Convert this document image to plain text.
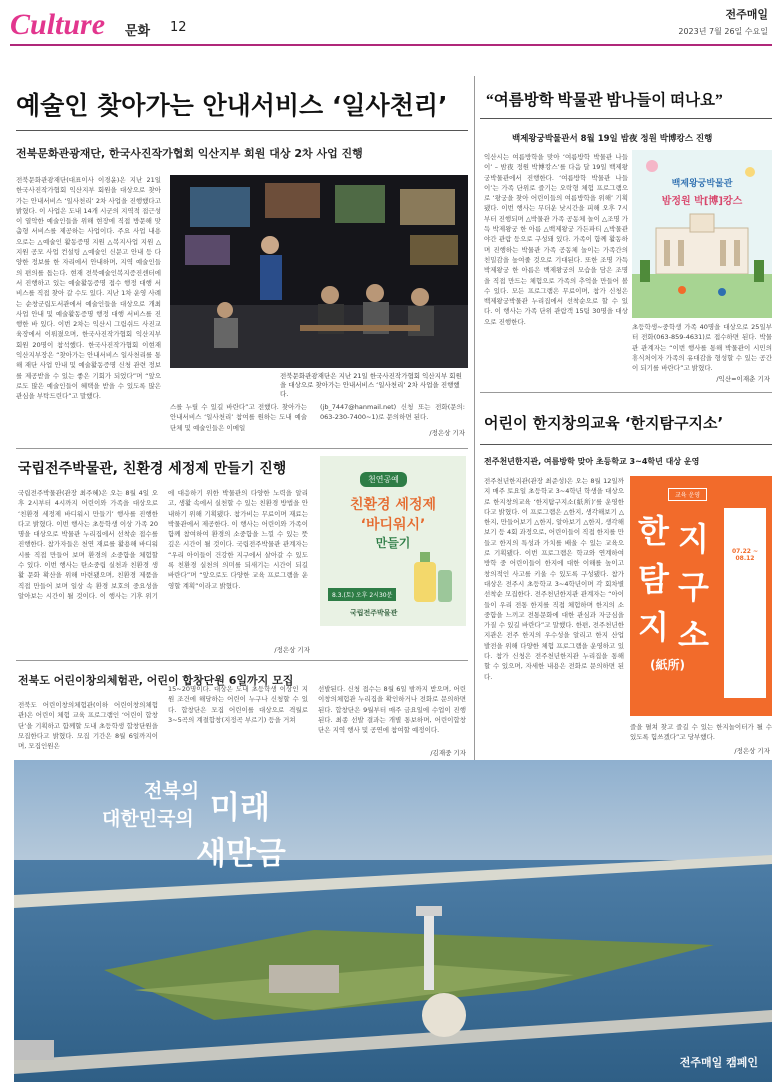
Culture 문화 12
전주매일
2023년 7월 26일 수요일
예술인 찾아가는 안내서비스 ‘일사천리’
전북문화관광재단, 한국사진작가협회 익산지부 회원 대상 2차 사업 진행
전북문화관광재단(대표이사 이경윤)은 지난 21일 한국사진작가협회 익산지부 회원을 대상으로 찾아가는 안내서비스 ‘일사천리’ 2차 사업을 진행했다고 밝혔다. 이 사업은 도내 14개 시군의 지역적 접근성이 열악한 예술인들을 위해 현장에 직접 방문해 맞춤형 서비스를 제공하는 사업이다. 주요 사업 내용으로는 △예술인 활동증명 지원 △복지사업 지원 △지원 공모 사업 컨설팅 △예술인 신문고 안내 등 다양한 정보를 한 자리에서 안내하며, 지역 예술인들의 편의를 돕는다. 현재 전북예술인복지증진센터에서 진행하고 있는 예술활동증명 접수 행정 대행 서비스를 직접 찾아 갈 수도 있다. 지난 1차 운영 사례는 순창군립도서관에서 예술인들을 대상으로 개최 사업 안내 및 예술활동증명 행정 대행 서비스를 진행한 바 있다. 이번 2차는 익산시 그림쉬드 사진교육장에서 이뤄졌으며, 한국사진작가협회 익산지부 회원 20명이 참석했다. 한국사진작가협회 이현재 익산지부장은 “찾아가는 안내서비스 일사천리를 통해 재단 사업 안내 및 예술활동증명 신청 관련 정보를 제공받을 수 있는 좋은 기회가 되었다”며 “앞으로도 많은 예술인들이 혜택을 받을 수 있도록 많은 관심을 부탁드린다”고 말했다.
전북문화관광재단은 지난 21일 한국사진작가협회 익산지부 회원을 대상으로 찾아가는 안내서비스 ‘일사천리’ 2차 사업을 진행했다.
스를 누릴 수 있길 바란다”고 전했다. 찾아가는 안내서비스 ‘일사천리’ 참여를 원하는 도내 예술단체 및 예술인들은 이메일
(jb_7447@hanmail.net) 신청 또는 전화(문의: 063-230-7400~1)로 문의하면 된다.
/정은상 기자
국립전주박물관, 친환경 세정제 만들기 진행
국립전주박물관(관장 최주혜)은 오는 8월 4일 오후 2시부터 4시까지 어린이와 가족을 대상으로 ‘친환경 세정제 바디워시 만들기’ 행사를 진행한다고 밝혔다. 이번 행사는 초등학생 이상 가족 20명을 대상으로 박물관 누리집에서 선착순 접수를 진행한다. 참가자들은 천연 재료를 활용해 바디워시를 직접 만들어 보며 환경의 소중함을 체험할 수 있다. 이번 행사는 탄소중립 실천과 친환경 생활 문화 확산을 위해 마련됐으며, 친환경 제품을 직접 만들어 보며 일상 속 환경 보호의 중요성을 알아보는 시간이 될 것이다. 이 행사는 기후 위기에 대응하기 위한 박물관의 다양한 노력을 알리고, 생활 속에서 실천할 수 있는 친환경 방법을 안내하기 위해 기획됐다. 참가비는 무료이며 재료는 박물관에서 제공한다. 이 행사는 어린이와 가족이 함께 참여하여 환경의 소중함을 느낄 수 있는 뜻깊은 시간이 될 것이다. 국립전주박물관 관계자는 “우리 아이들이 건강한 지구에서 살아갈 수 있도록 친환경 실천의 의미를 되새기는 시간이 되길 바란다”며 “앞으로도 다양한 교육 프로그램을 운영할 계획”이라고 밝혔다.
천연공예
친환경 세정제
‘바디워시’
만들기
8.3.(토) 오후 2시30분
국립전주박물관
/정은상 기자
전북도 어린이창의체험관, 어린이 합창단원 6일까지 모집
전북도 어린이창의체험관(이하 어린이창의체험관)은 어린이 체험 교육 프로그램인 ‘어린이 합창단’을 기획하고 함께할 도내 초등학생 합창단원을 모집한다고 밝혔다. 모집 기간은 8월 6일까지이며, 모집인원은
15~20명이다. 대상은 도내 초등학생 이상인 지원 조건에 해당하는 어린이 누구나 신청할 수 있다. 합창단은 모집 어린이를 대상으로 격월로 3~5곡의 계절합창(지정곡 부르기) 등을 거쳐
선발된다. 신청 접수는 8월 6일 밤까지 받으며, 어린이창의체험관 누리집을 확인하거나 전화로 문의하면 된다. 합창단은 9월부터 매주 금요일에 수업이 진행된다. 최종 선발 결과는 개별 통보하며, 어린이합창단은 지역 행사 및 공연에 참여할 예정이다.
/김재중 기자
“여름방학 박물관 밤나들이 떠나요”
백제왕궁박물관서 8월 19일 밤夜 정원 박博캉스 진행
익산시는 여름방학을 맞아 ‘여름방학 박물관 나들이’ – 밤夜 정원 박博캉스’를 다음 달 19일 백제왕궁박물관에서 진행한다. ‘여름방학 박물관 나들이’는 가족 단위로 즐기는 오락형 체험 프로그램으로 ‘왕궁을 찾아 어린이들의 여름방학을 위해’ 기획됐다. 이번 행사는 무더운 낮시간을 피해 오후 7시부터 진행되며 △박물관 가족 공동체 놀이 △조명 가득 박제왕궁 한 아름 △백제왕궁 가든파티 △박물관 야간 관람 등으로 구성돼 있다. 가족이 함께 활동하며 진행하는 박물관 가족 공동체 놀이는 가족간의 친밀감을 높여줄 것으로 기대된다. 또한 조명 가득 박제왕궁 한 아름은 백제왕궁의 모습을 담은 조명을 직접 만드는 체험으로 가족의 추억을 만들어 볼 수 있다. 모든 프로그램은 무료이며, 참가 신청은 백제왕궁박물관 누리집에서 선착순으로 할 수 있다. 이 행사는 가족 단위 관람객 15팀 30명을 대상으로 진행한다.
백제왕궁박물관
밤정원 박[博]캉스
초등학생~중학생 가족 40명을 대상으로 25일부터 전화(063-859-4631)로 접수하면 된다. 박물관 관계자는 “이번 행사를 통해 박물관이 시민의 휴식처이자 가족의 유대감을 형성할 수 있는 공간이 되기를 바란다”고 밝혔다.
/익산=이재춘 기자
어린이 한지창의교육 ‘한지탐구지소’
전주천년한지관, 여름방학 맞아 초등학교 3~4학년 대상 운영
전주천년한지관(관장 최준성)은 오는 8월 12일까지 매주 토요일 초등학교 3~4학년 학생을 대상으로 한지창의교육 ‘한지탐구지소(紙所)’를 운영한다고 밝혔다. 이 프로그램은 △한지, 생각해보기 △한지, 만들어보기 △한지, 알아보기 △한지, 생각해보기 등 4회 과정으로, 어린이들이 직접 한지를 만들고 한지의 특성과 가치를 배울 수 있는 교육으로 기획됐다. 이번 프로그램은 학교와 연계하여 방학 중 어린이들이 한지에 대한 이해를 높이고 창의적인 사고를 키울 수 있도록 구성됐다. 참가 대상은 전주시 초등학교 3~4학년이며 각 회차별 선착순 모집한다. 전주천년한지관 관계자는 “아이들이 우리 전통 한지를 직접 체험하며 한지의 소중함을 느끼고 전통문화에 대한 관심과 자긍심을 가질 수 있길 바란다”고 말했다. 한편, 전주천년한지관은 전주 한지의 우수성을 알리고 한지 산업 발전을 위해 다양한 체험 프로그램을 운영하고 있다. 참가 신청은 전주천년한지관 누리집을 통해 할 수 있으며, 자세한 내용은 전화로 문의하면 된다.
교육 운영
한 지
탐 구
지 소
(紙所)
07.22 ~ 08.12
즐을 펼쳐 찾고 즐길 수 있는 한지놀이터가 될 수 있도록 힘쓰겠다”고 당부했다.
/정은상 기자
전북의
대한민국의 미래
새만금
전주매일 캠페인
